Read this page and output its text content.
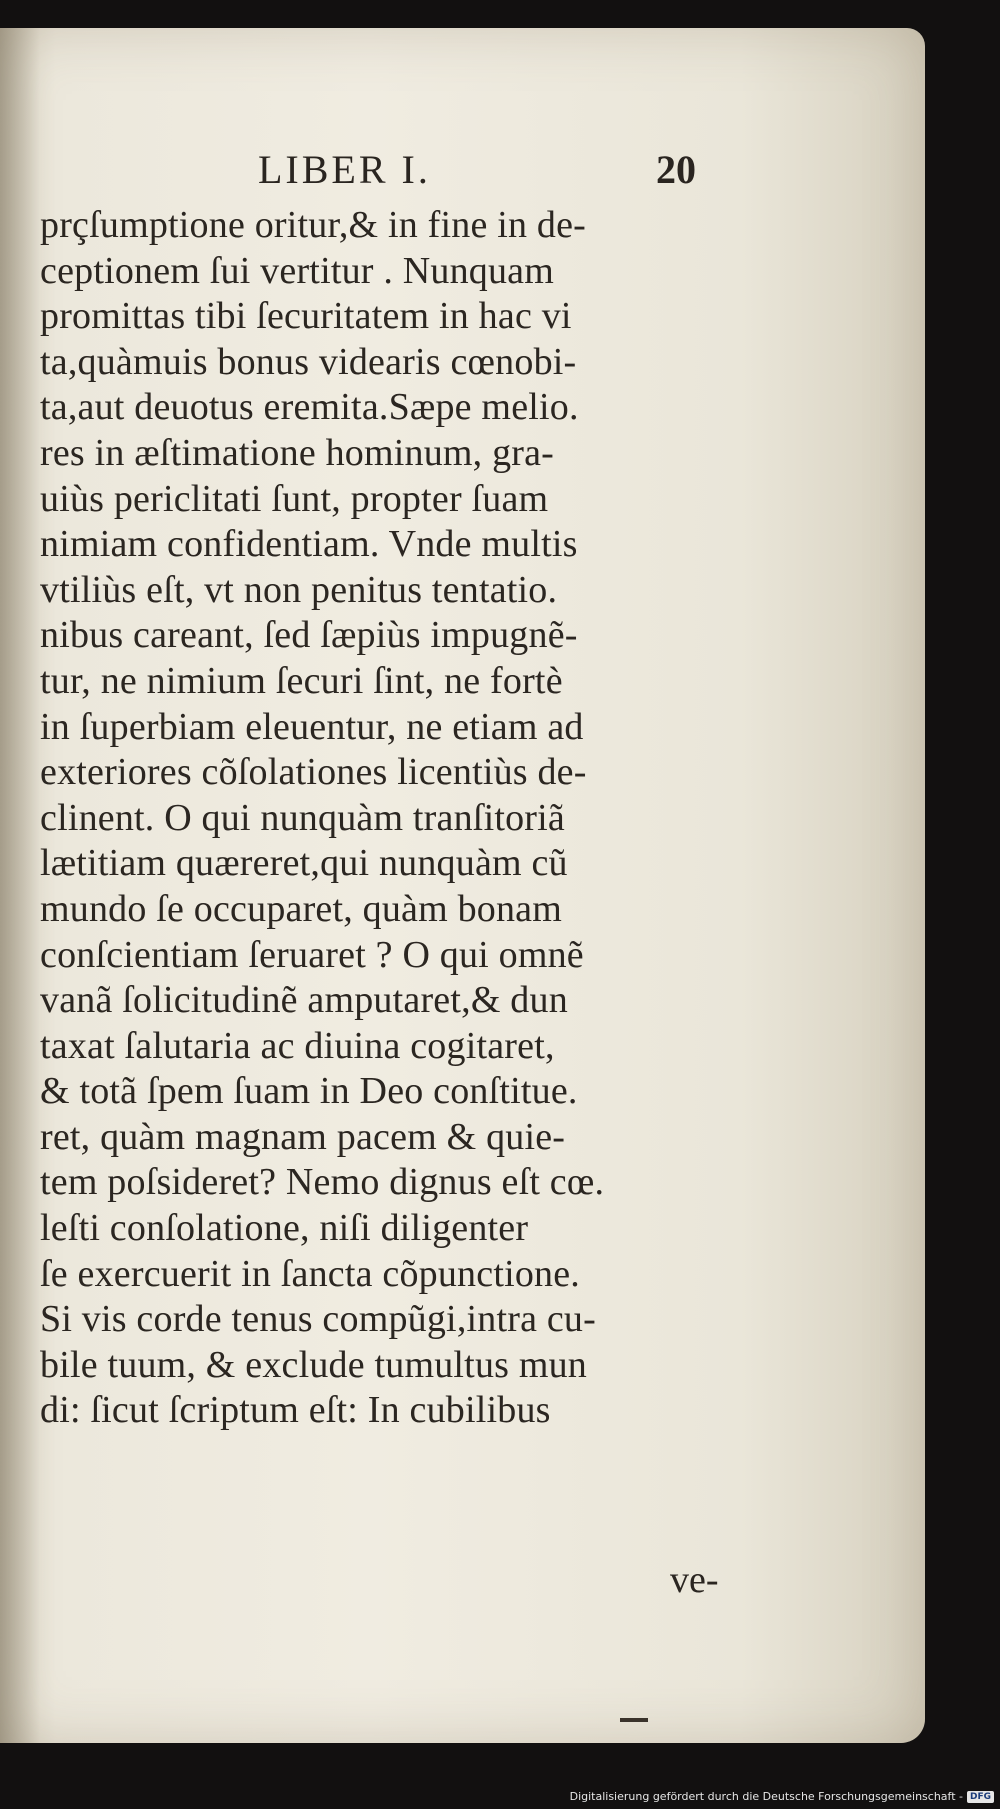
LIBER I.	20
prçſumptione oritur,& in fine in de-
ceptionem ſui vertitur . Nunquam
promittas tibi ſecuritatem in hac vi
ta,quàmuis bonus videaris cœnobi-
ta,aut deuotus eremita.Sæpe melio.
res in æſtimatione hominum, gra-
uiùs periclitati ſunt, propter ſuam
nimiam confidentiam. Vnde multis
vtiliùs eſt, vt non penitus tentatio.
nibus careant, ſed ſæpiùs impugnẽ-
tur, ne nimium ſecuri ſint, ne fortè
in ſuperbiam eleuentur, ne etiam ad
exteriores cõſolationes licentiùs de-
clinent. O qui nunquàm tranſitoriã
lætitiam quæreret,qui nunquàm cũ
mundo ſe occuparet, quàm bonam
conſcientiam ſeruaret ? O qui omnẽ
vanã ſolicitudinẽ amputaret,& dun
taxat ſalutaria ac diuina cogitaret,
& totã ſpem ſuam in Deo conſtitue.
ret, quàm magnam pacem & quie-
tem poſsideret? Nemo dignus eſt cœ.
leſti conſolatione, niſi diligenter
ſe exercuerit in ſancta cõpunctione.
Si vis corde tenus compũgi,intra cu-
bile tuum, & exclude tumultus mun
di: ſicut ſcriptum eſt: In cubilibus
ve-
Digitalisierung gefördert durch die Deutsche Forschungsgemeinschaft - DFG
